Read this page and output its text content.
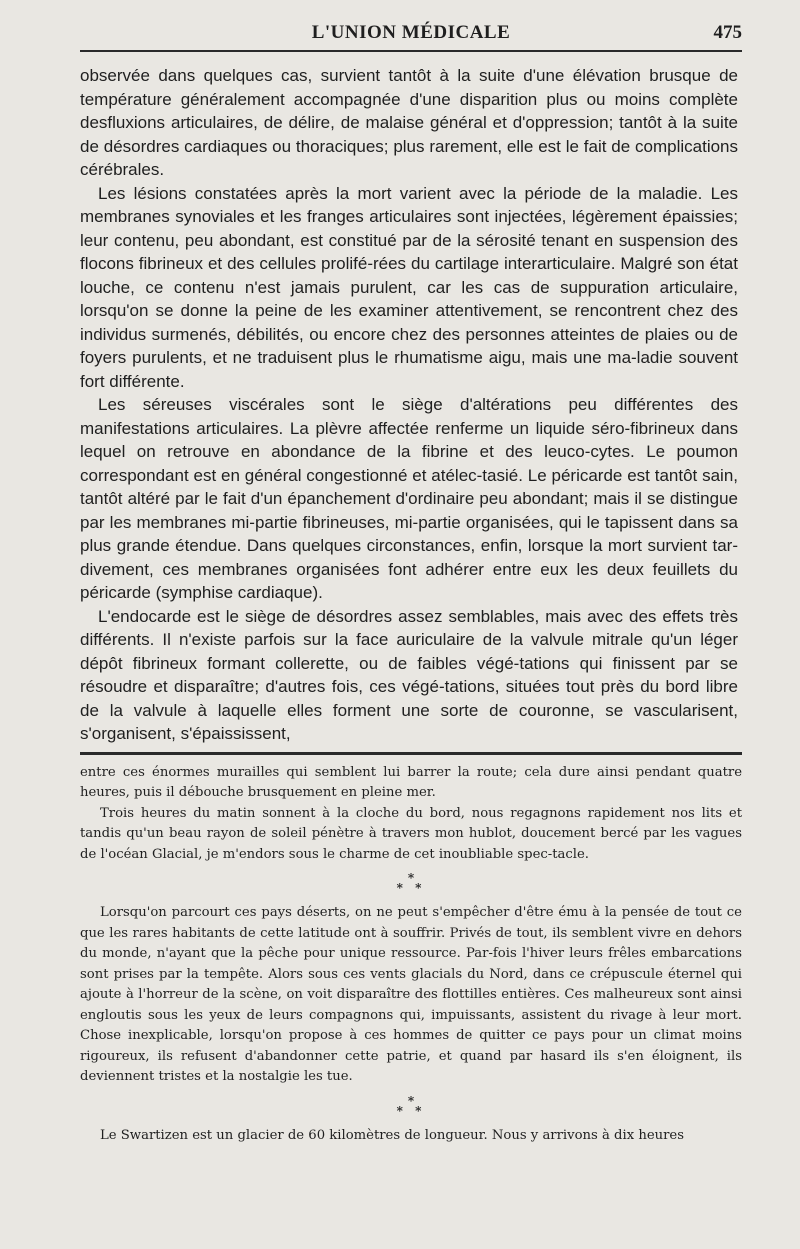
L'UNION MÉDICALE	475

observée dans quelques cas, survient tantôt à la suite d'une élévation brusque de température généralement accompagnée d'une disparition plus ou moins complète desfluxions articulaires, de délire, de malaise général et d'oppression; tantôt à la suite de désordres cardiaques ou thoraciques; plus rarement, elle est le fait de complications cérébrales.

Les lésions constatées après la mort varient avec la période de la maladie. Les membranes synoviales et les franges articulaires sont injectées, légèrement épaissies; leur contenu, peu abondant, est constitué par de la sérosité tenant en suspension des flocons fibrineux et des cellules prolifé-rées du cartilage interarticulaire. Malgré son état louche, ce contenu n'est jamais purulent, car les cas de suppuration articulaire, lorsqu'on se donne la peine de les examiner attentivement, se rencontrent chez des individus surmenés, débilités, ou encore chez des personnes atteintes de plaies ou de foyers purulents, et ne traduisent plus le rhumatisme aigu, mais une ma-ladie souvent fort différente.

Les séreuses viscérales sont le siège d'altérations peu différentes des manifestations articulaires. La plèvre affectée renferme un liquide séro-fibrineux dans lequel on retrouve en abondance de la fibrine et des leuco-cytes. Le poumon correspondant est en général congestionné et atélec-tasié. Le péricarde est tantôt sain, tantôt altéré par le fait d'un épanchement d'ordinaire peu abondant; mais il se distingue par les membranes mi-partie fibrineuses, mi-partie organisées, qui le tapissent dans sa plus grande étendue. Dans quelques circonstances, enfin, lorsque la mort survient tar-divement, ces membranes organisées font adhérer entre eux les deux feuillets du péricarde (symphise cardiaque).

L'endocarde est le siège de désordres assez semblables, mais avec des effets très différents. Il n'existe parfois sur la face auriculaire de la valvule mitrale qu'un léger dépôt fibrineux formant collerette, ou de faibles végé-tations qui finissent par se résoudre et disparaître; d'autres fois, ces végé-tations, situées tout près du bord libre de la valvule à laquelle elles forment une sorte de couronne, se vascularisent, s'organisent, s'épaississent,

entre ces énormes murailles qui semblent lui barrer la route; cela dure ainsi pendant quatre heures, puis il débouche brusquement en pleine mer.

Trois heures du matin sonnent à la cloche du bord, nous regagnons rapidement nos lits et tandis qu'un beau rayon de soleil pénètre à travers mon hublot, doucement bercé par les vagues de l'océan Glacial, je m'endors sous le charme de cet inoubliable spec-tacle.

*
* *

Lorsqu'on parcourt ces pays déserts, on ne peut s'empêcher d'être ému à la pensée de tout ce que les rares habitants de cette latitude ont à souffrir. Privés de tout, ils semblent vivre en dehors du monde, n'ayant que la pêche pour unique ressource. Par-fois l'hiver leurs frêles embarcations sont prises par la tempête. Alors sous ces vents glacials du Nord, dans ce crépuscule éternel qui ajoute à l'horreur de la scène, on voit disparaître des flottilles entières. Ces malheureux sont ainsi engloutis sous les yeux de leurs compagnons qui, impuissants, assistent du rivage à leur mort. Chose inexplicable, lorsqu'on propose à ces hommes de quitter ce pays pour un climat moins rigoureux, ils refusent d'abandonner cette patrie, et quand par hasard ils s'en éloignent, ils deviennent tristes et la nostalgie les tue.

*
* *

Le Swartizen est un glacier de 60 kilomètres de longueur. Nous y arrivons à dix heures
